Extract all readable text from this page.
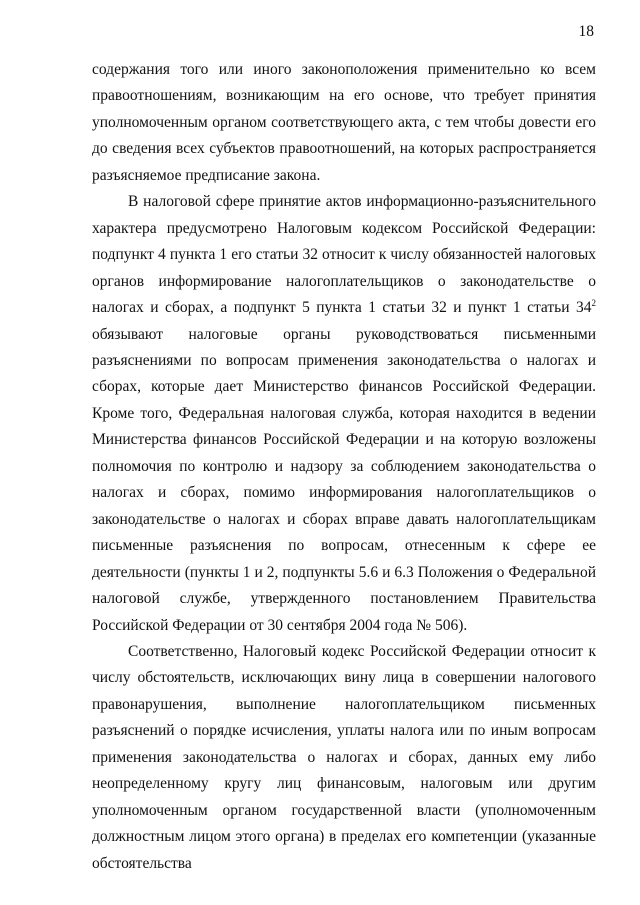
18

содержания того или иного законоположения применительно ко всем правоотношениям, возникающим на его основе, что требует принятия уполномоченным органом соответствующего акта, с тем чтобы довести его до сведения всех субъектов правоотношений, на которых распространяется разъясняемое предписание закона.

В налоговой сфере принятие актов информационно-разъяснительного характера предусмотрено Налоговым кодексом Российской Федерации: подпункт 4 пункта 1 его статьи 32 относит к числу обязанностей налоговых органов информирование налогоплательщиков о законодательстве о налогах и сборах, а подпункт 5 пункта 1 статьи 32 и пункт 1 статьи $34^2$ обязывают налоговые органы руководствоваться письменными разъяснениями по вопросам применения законодательства о налогах и сборах, которые дает Министерство финансов Российской Федерации. Кроме того, Федеральная налоговая служба, которая находится в ведении Министерства финансов Российской Федерации и на которую возложены полномочия по контролю и надзору за соблюдением законодательства о налогах и сборах, помимо информирования налогоплательщиков о законодательстве о налогах и сборах вправе давать налогоплательщикам письменные разъяснения по вопросам, отнесенным к сфере ее деятельности (пункты 1 и 2, подпункты 5.6 и 6.3 Положения о Федеральной налоговой службе, утвержденного постановлением Правительства Российской Федерации от 30 сентября 2004 года № 506).

Соответственно, Налоговый кодекс Российской Федерации относит к числу обстоятельств, исключающих вину лица в совершении налогового правонарушения, выполнение налогоплательщиком письменных разъяснений о порядке исчисления, уплаты налога или по иным вопросам применения законодательства о налогах и сборах, данных ему либо неопределенному кругу лиц финансовым, налоговым или другим уполномоченным органом государственной власти (уполномоченным должностным лицом этого органа) в пределах его компетенции (указанные обстоятельства
